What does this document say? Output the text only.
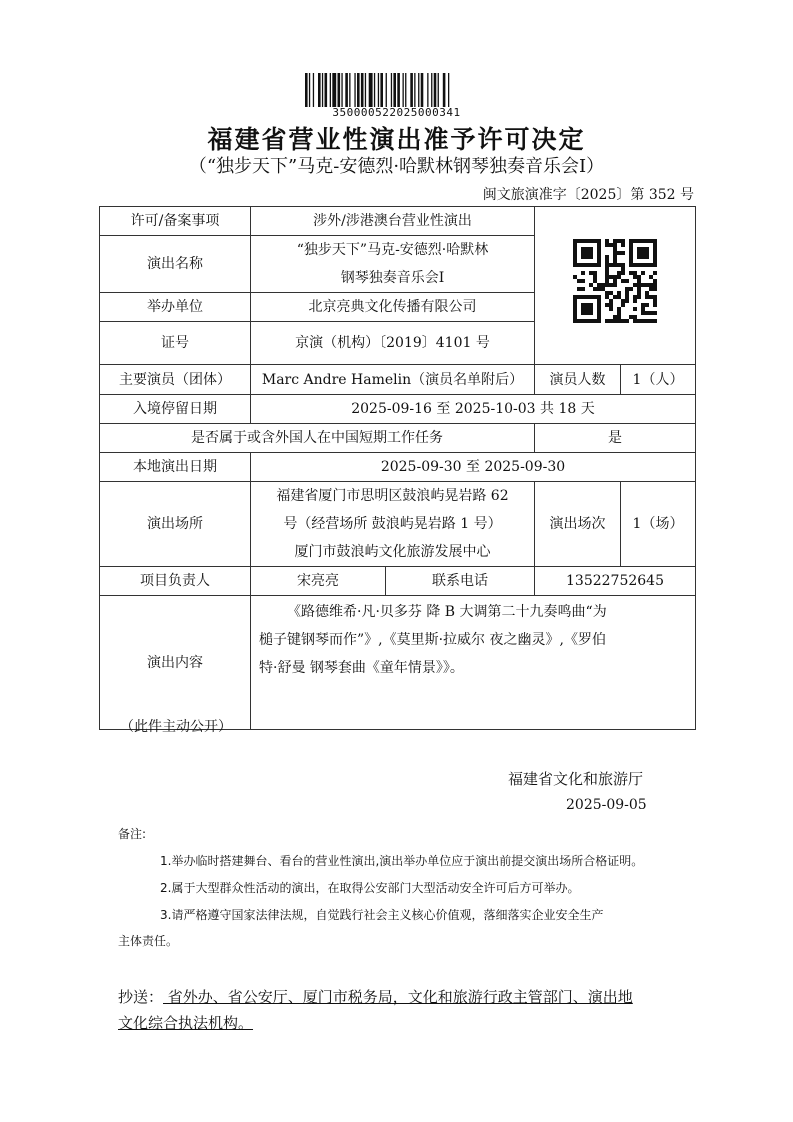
350000522025000341
福建省营业性演出准予许可决定
（“独步天下”马克-安德烈·哈默林钢琴独奏音乐会Ⅰ）
闽文旅演准字〔2025〕第 352 号
许可/备案事项	涉外/涉港澳台营业性演出	
演出名称	“独步天下”马克-安德烈·哈默林
钢琴独奏音乐会Ⅰ			

举办单位	北京亮典文化传播有限公司			
证号	京演（机构）〔2019〕4101 号			
主要演员（团体）	Marc Andre Hamelin（演员名单附后）		演员人数	1（人）
入境停留日期	2025-09-16 至 2025-10-03 共 18 天			
是否属于或含外国人在中国短期工作任务			是	
本地演出日期	2025-09-30 至 2025-09-30			
演出场所	福建省厦门市思明区鼓浪屿晃岩路 62
号（经营场所 鼓浪屿晃岩路 1 号）
厦门市鼓浪屿文化旅游发展中心		演出场次	1（场）
项目负责人	宋亮亮	联系电话	13522752645	
演出内容	《路德维希·凡·贝多芬 降 B 大调第二十九奏鸣曲“为
槌子键钢琴而作”》,《莫里斯·拉威尔 夜之幽灵》,《罗伯
特·舒曼 钢琴套曲《童年情景》》。			
（此件主动公开）
福建省文化和旅游厅
2025-09-05
备注:
1.举办临时搭建舞台、看台的营业性演出,演出举办单位应于演出前提交演出场所合格证明。
2.属于大型群众性活动的演出，在取得公安部门大型活动安全许可后方可举办。
3.请严格遵守国家法律法规，自觉践行社会主义核心价值观，落细落实企业安全生产
主体责任。
抄送： 省外办、省公安厅、厦门市税务局，文化和旅游行政主管部门、演出地
文化综合执法机构。
